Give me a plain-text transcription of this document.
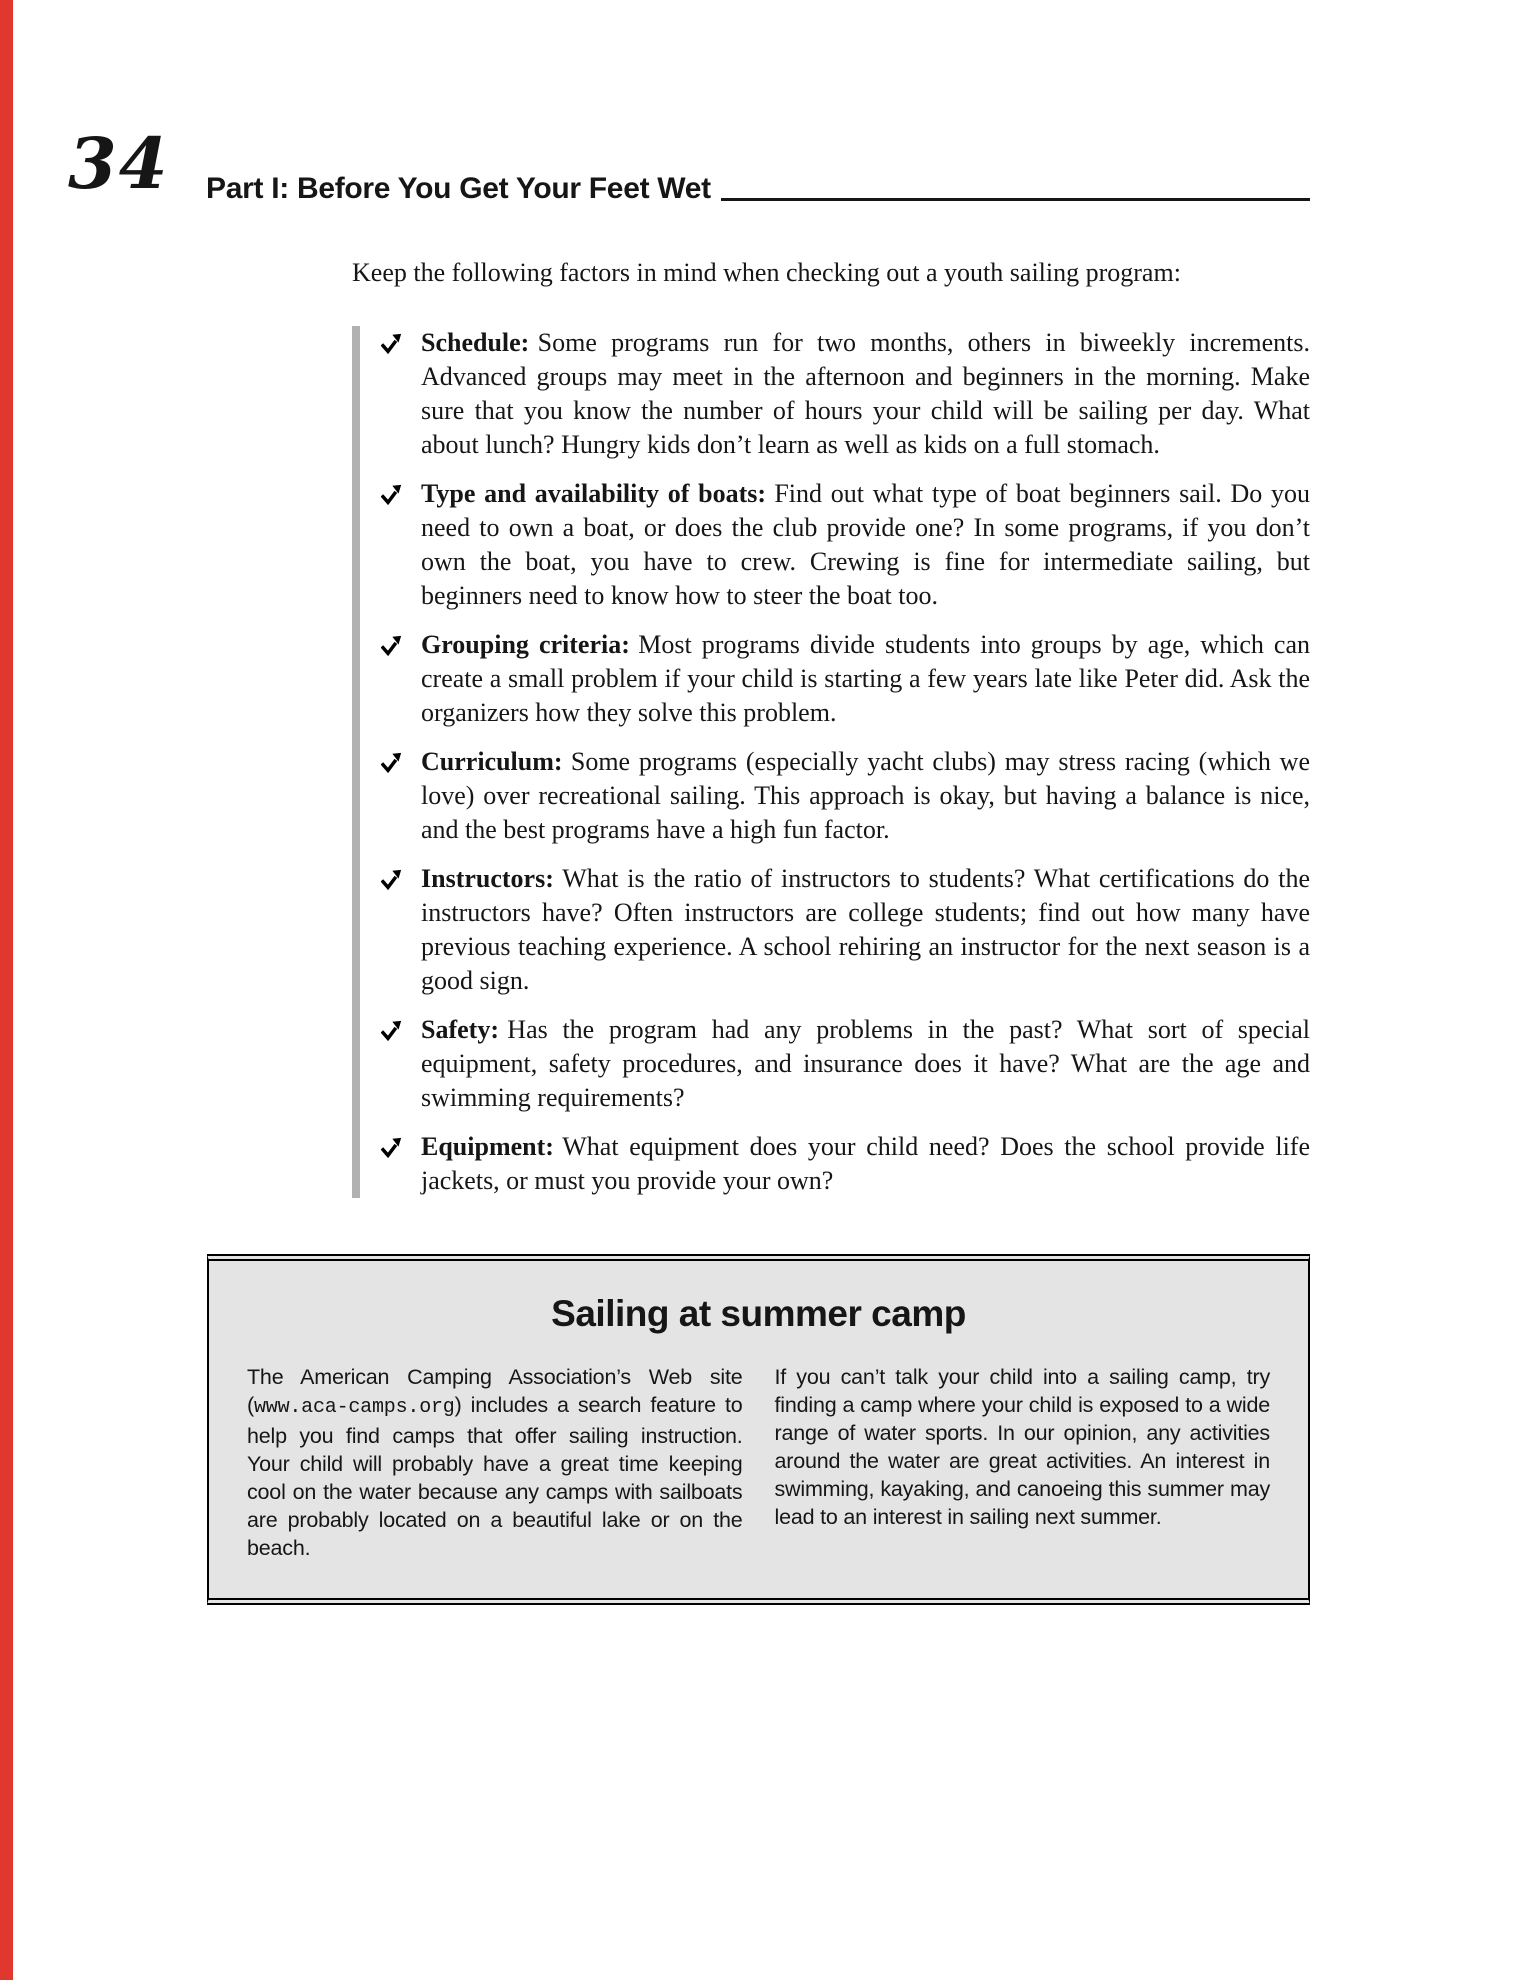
34 Part I: Before You Get Your Feet Wet

Keep the following factors in mind when checking out a youth sailing program:

Schedule: Some programs run for two months, others in biweekly increments. Advanced groups may meet in the afternoon and beginners in the morning. Make sure that you know the number of hours your child will be sailing per day. What about lunch? Hungry kids don’t learn as well as kids on a full stomach.
Type and availability of boats: Find out what type of boat beginners sail. Do you need to own a boat, or does the club provide one? In some programs, if you don’t own the boat, you have to crew. Crewing is fine for intermediate sailing, but beginners need to know how to steer the boat too.
Grouping criteria: Most programs divide students into groups by age, which can create a small problem if your child is starting a few years late like Peter did. Ask the organizers how they solve this problem.
Curriculum: Some programs (especially yacht clubs) may stress racing (which we love) over recreational sailing. This approach is okay, but having a balance is nice, and the best programs have a high fun factor.
Instructors: What is the ratio of instructors to students? What certifications do the instructors have? Often instructors are college students; find out how many have previous teaching experience. A school rehiring an instructor for the next season is a good sign.
Safety: Has the program had any problems in the past? What sort of special equipment, safety procedures, and insurance does it have? What are the age and swimming requirements?
Equipment: What equipment does your child need? Does the school provide life jackets, or must you provide your own?
Sailing at summer camp

The American Camping Association’s Web site (www.aca-camps.org) includes a search feature to help you find camps that offer sailing instruction. Your child will probably have a great time keeping cool on the water because any camps with sailboats are probably located on a beautiful lake or on the beach.

If you can’t talk your child into a sailing camp, try finding a camp where your child is exposed to a wide range of water sports. In our opinion, any activities around the water are great activities. An interest in swimming, kayaking, and canoeing this summer may lead to an interest in sailing next summer.
